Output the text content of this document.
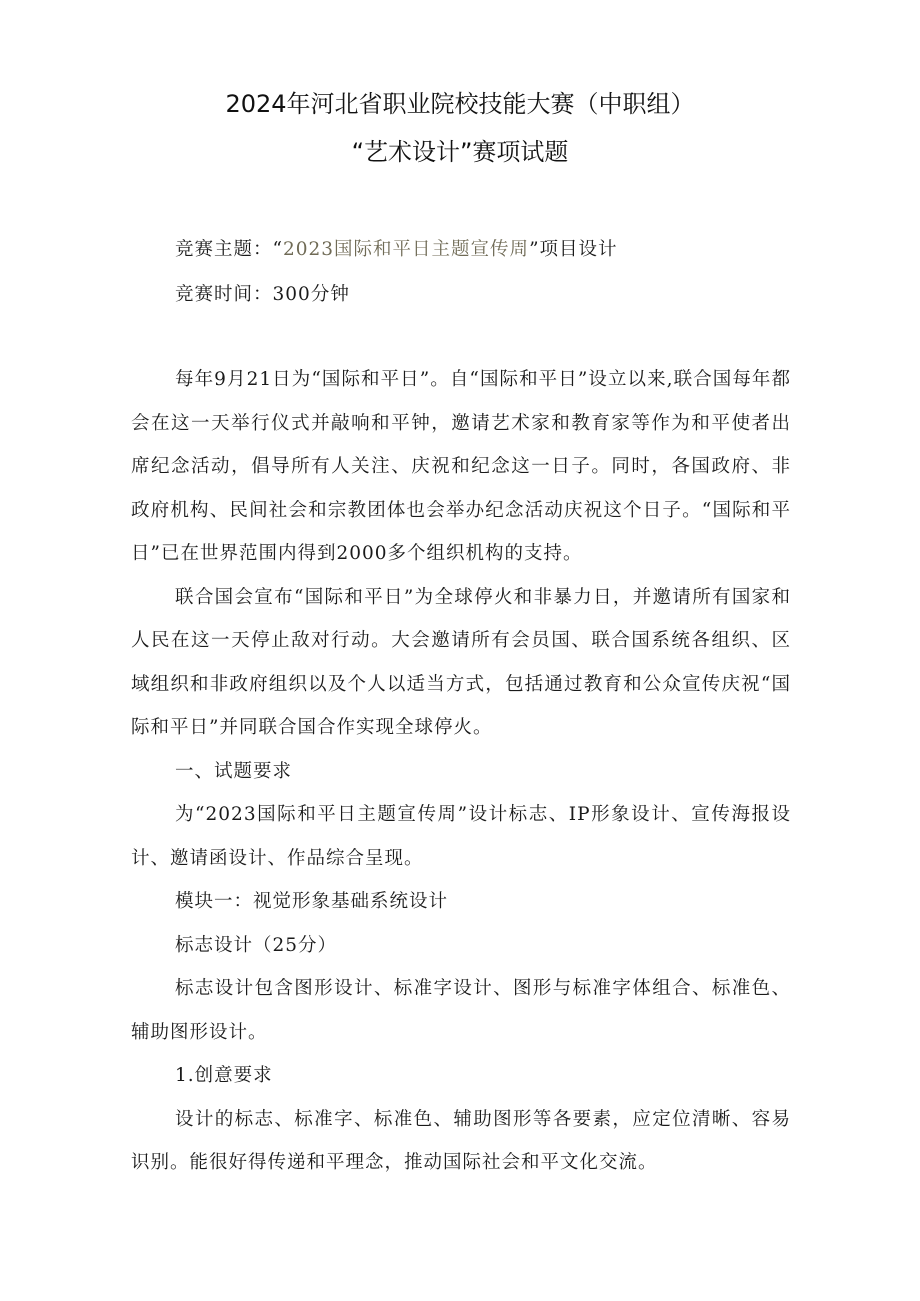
2024年河北省职业院校技能大赛（中职组）
“艺术设计”赛项试题
竞赛主题：“2023国际和平日主题宣传周”项目设计
竞赛时间：300分钟

每年9月21日为“国际和平日”。自“国际和平日”设立以来,联合国每年都会在这一天举行仪式并敲响和平钟，邀请艺术家和教育家等作为和平使者出席纪念活动，倡导所有人关注、庆祝和纪念这一日子。同时，各国政府、非政府机构、民间社会和宗教团体也会举办纪念活动庆祝这个日子。“国际和平日”已在世界范围内得到2000多个组织机构的支持。

联合国会宣布“国际和平日”为全球停火和非暴力日，并邀请所有国家和人民在这一天停止敌对行动。大会邀请所有会员国、联合国系统各组织、区域组织和非政府组织以及个人以适当方式，包括通过教育和公众宣传庆祝“国际和平日”并同联合国合作实现全球停火。

一、试题要求

为“2023国际和平日主题宣传周”设计标志、IP形象设计、宣传海报设计、邀请函设计、作品综合呈现。

模块一：视觉形象基础系统设计

标志设计（25分）

标志设计包含图形设计、标准字设计、图形与标准字体组合、标准色、辅助图形设计。

1.创意要求

设计的标志、标准字、标准色、辅助图形等各要素，应定位清晰、容易识别。能很好得传递和平理念，推动国际社会和平文化交流。
